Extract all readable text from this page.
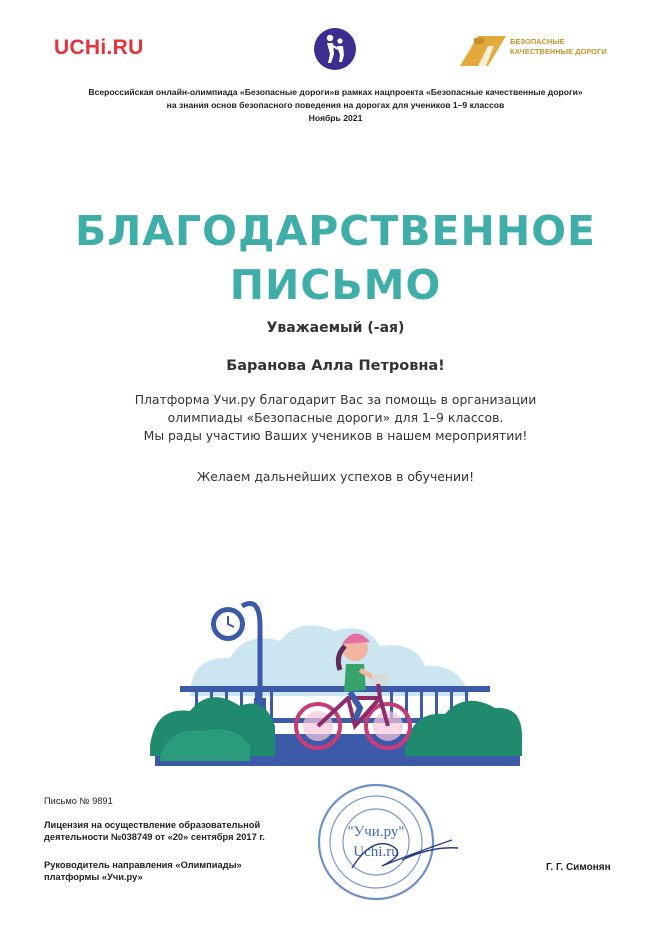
UCHi.RU	БЕЗОПАСНЫЕ
КАЧЕСТВЕННЫЕ ДОРОГИ
Всероссийская онлайн-олимпиада «Безопасные дороги»в рамках нацпроекта «Безопасные качественные дороги»
на знания основ безопасного поведения на дорогах для учеников 1–9 классов
Ноябрь 2021
БЛАГОДАРСТВЕННОЕ
ПИСЬМО
Уважаемый (-ая)
Баранова Алла Петровна!
Платформа Учи.ру благодарит Вас за помощь в организации
олимпиады «Безопасные дороги» для 1–9 классов.
Мы рады участию Ваших учеников в нашем мероприятии!
Желаем дальнейших успехов в обучении!
Письмо № 9891
Лицензия на осуществление образовательной
деятельности №038749 от «20» сентября 2017 г.
Руководитель направления «Олимпиады»
платформы «Учи.ру»
"Учи.ру"
Uchi.ru
Г. Г. Симонян
